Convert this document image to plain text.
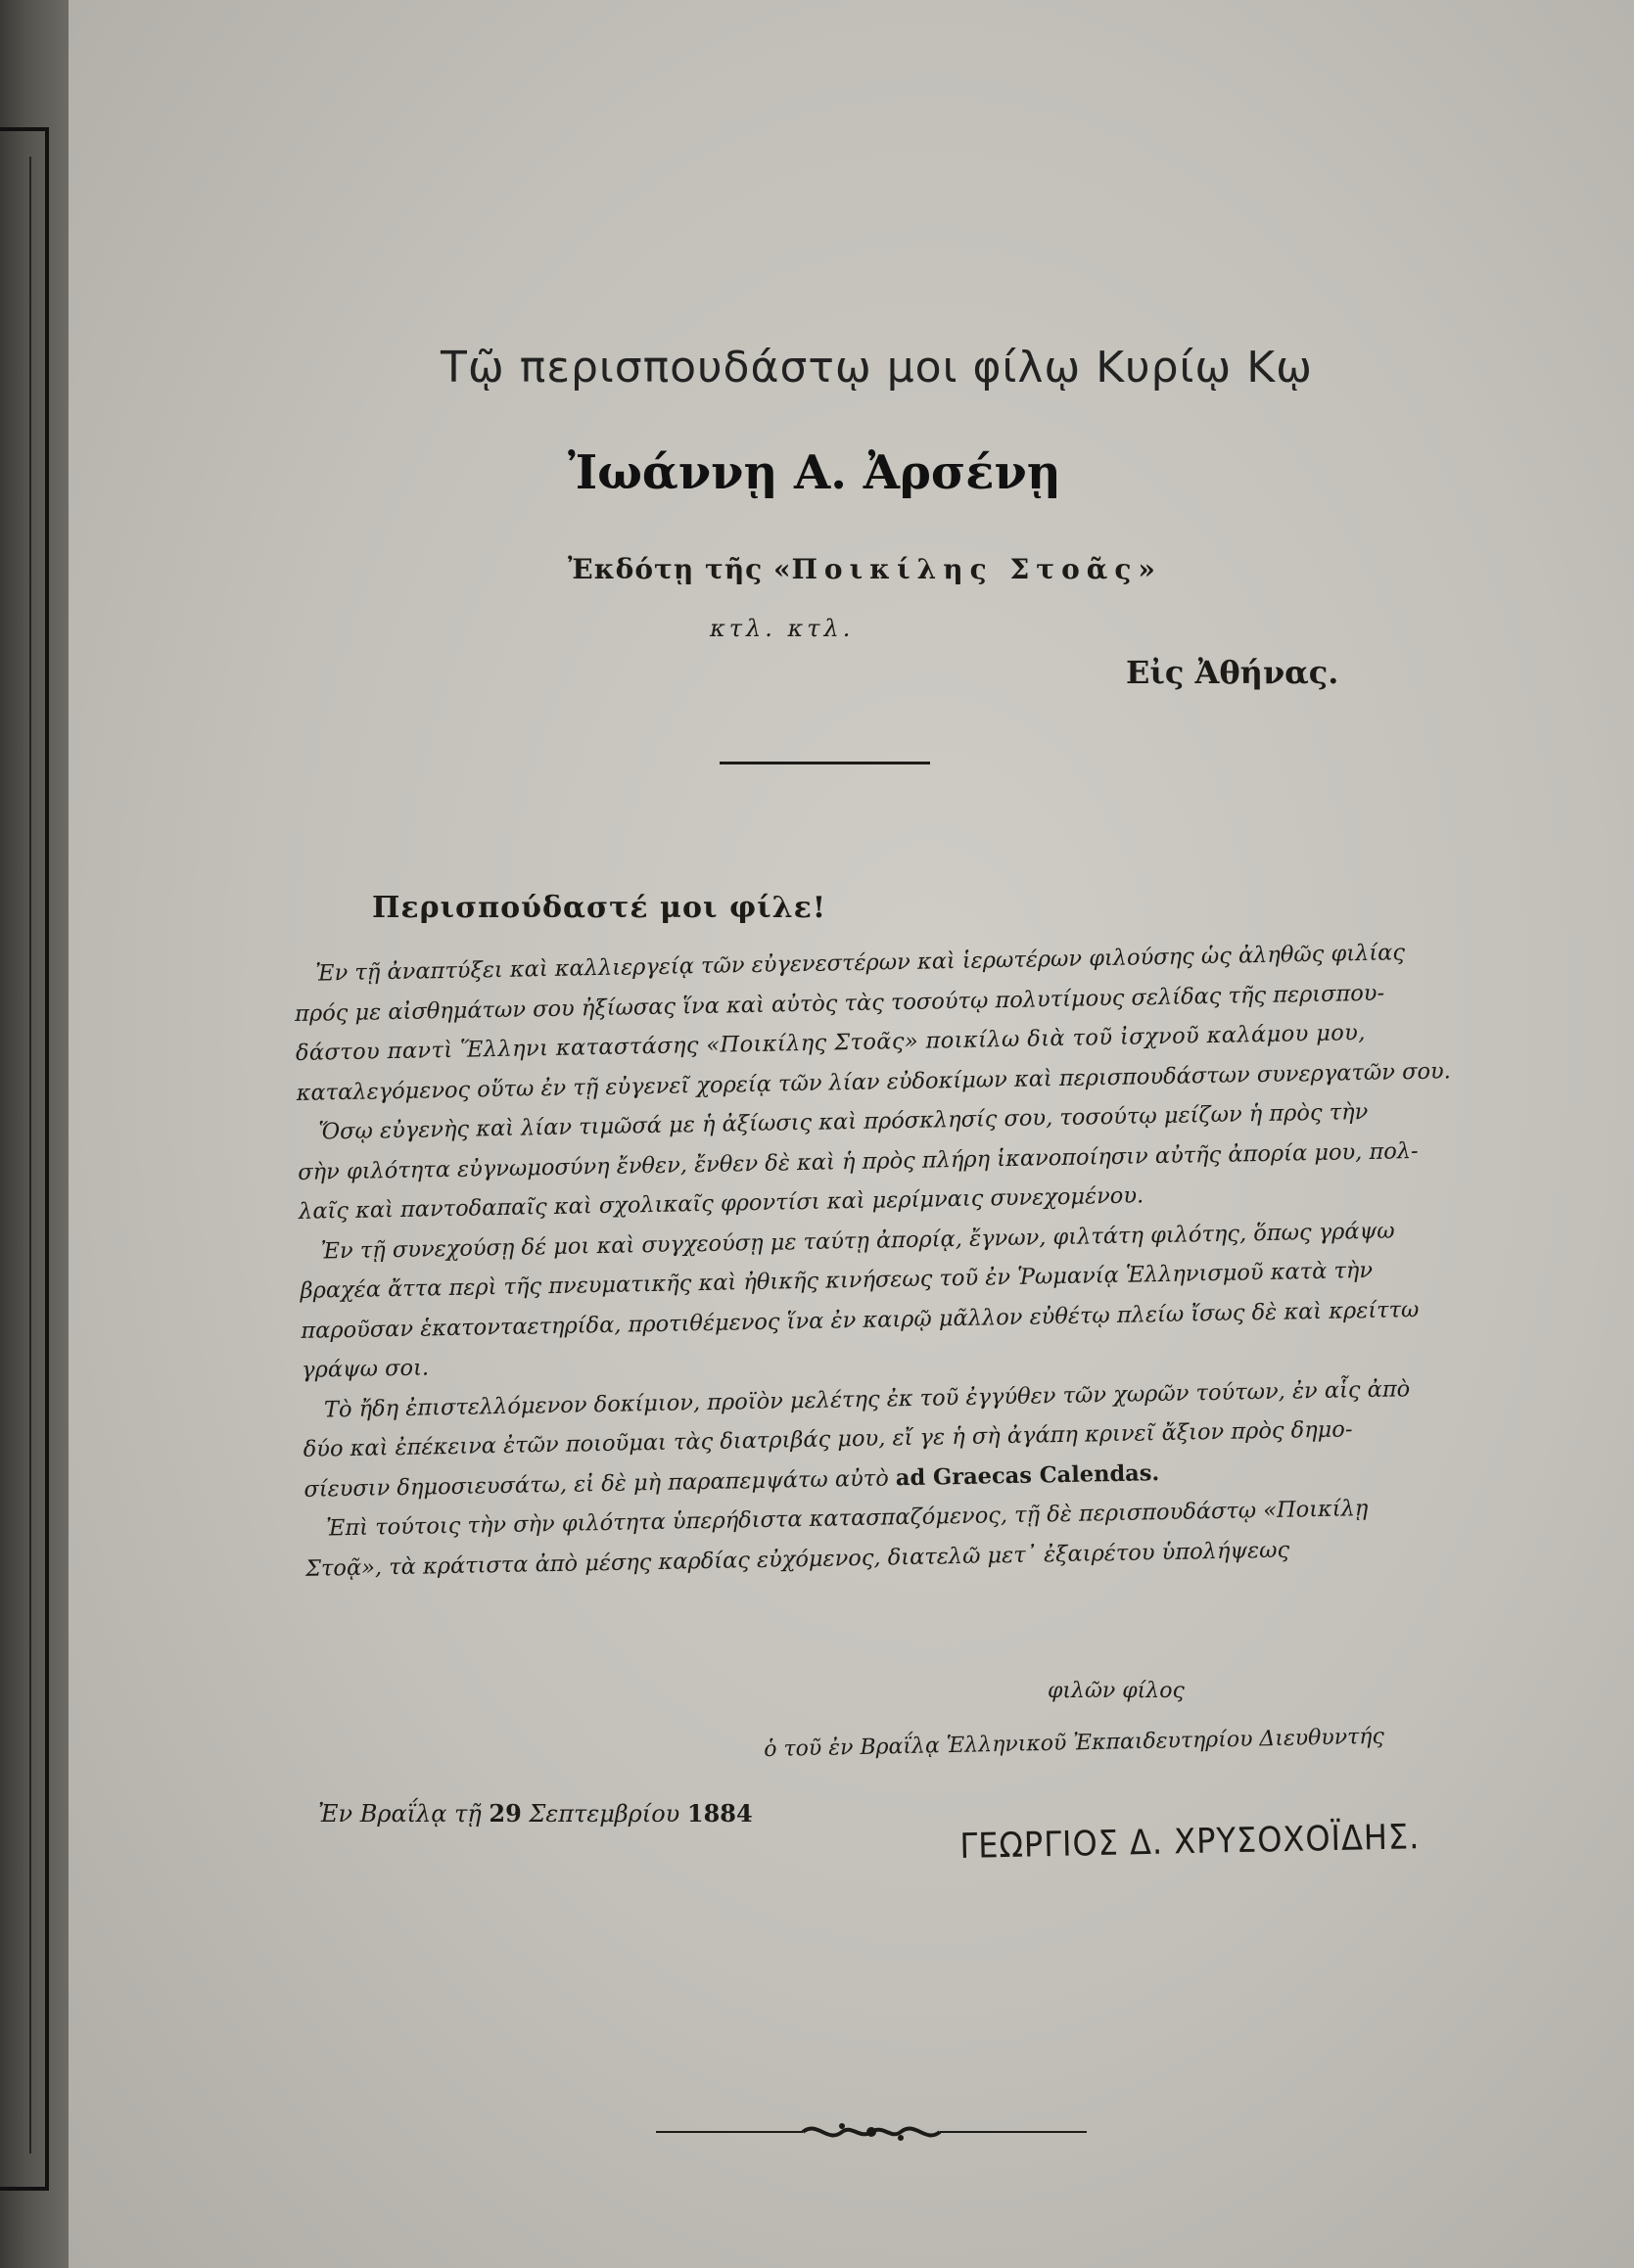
Τῷ περισπουδάστῳ μοι φίλῳ Κυρίῳ Κῳ
Ἰωάννῃ Α. Ἀρσένῃ
Ἐκδότῃ τῆς «Ποικίλης Στοᾶς»
κτλ. κτλ.
Εἰς Ἀθήνας.
Περισπούδαστέ μοι φίλε!
Ἐν τῇ ἀναπτύξει καὶ καλλιεργείᾳ τῶν εὐγενεστέρων καὶ ἱερωτέρων φιλούσης ὡς ἀληθῶς φιλίας
πρός με αἰσθημάτων σου ἠξίωσας ἵνα καὶ αὐτὸς τὰς τοσούτῳ πολυτίμους σελίδας τῆς περισπου-
δάστου παντὶ Ἕλληνι καταστάσης «Ποικίλης Στοᾶς» ποικίλω διὰ τοῦ ἰσχνοῦ καλάμου μου,
καταλεγόμενος οὕτω ἐν τῇ εὐγενεῖ χορείᾳ τῶν λίαν εὐδοκίμων καὶ περισπουδάστων συνεργατῶν σου.
Ὅσῳ εὐγενὴς καὶ λίαν τιμῶσά με ἡ ἀξίωσις καὶ πρόσκλησίς σου, τοσούτῳ μείζων ἡ πρὸς τὴν
σὴν φιλότητα εὐγνωμοσύνη ἔνθεν, ἔνθεν δὲ καὶ ἡ πρὸς πλήρη ἱκανοποίησιν αὐτῆς ἀπορία μου, πολ-
λαῖς καὶ παντοδαπαῖς καὶ σχολικαῖς φροντίσι καὶ μερίμναις συνεχομένου.
Ἐν τῇ συνεχούσῃ δέ μοι καὶ συγχεούσῃ με ταύτῃ ἀπορίᾳ, ἔγνων, φιλτάτη φιλότης, ὅπως γράψω
βραχέα ἄττα περὶ τῆς πνευματικῆς καὶ ἠθικῆς κινήσεως τοῦ ἐν Ῥωμανίᾳ Ἑλληνισμοῦ κατὰ τὴν
παροῦσαν ἑκατονταετηρίδα, προτιθέμενος ἵνα ἐν καιρῷ μᾶλλον εὐθέτῳ πλείω ἴσως δὲ καὶ κρείττω
γράψω σοι.
Τὸ ἤδη ἐπιστελλόμενον δοκίμιον, προϊὸν μελέτης ἐκ τοῦ ἐγγύθεν τῶν χωρῶν τούτων, ἐν αἷς ἀπὸ
δύο καὶ ἐπέκεινα ἐτῶν ποιοῦμαι τὰς διατριβάς μου, εἴ γε ἡ σὴ ἀγάπη κρινεῖ ἄξιον πρὸς δημο-
σίευσιν δημοσιευσάτω, εἰ δὲ μὴ παραπεμψάτω αὐτὸ ad Graecas Calendas.
Ἐπὶ τούτοις τὴν σὴν φιλότητα ὑπερήδιστα κατασπαζόμενος, τῇ δὲ περισπουδάστῳ «Ποικίλῃ
Στοᾷ», τὰ κράτιστα ἀπὸ μέσης καρδίας εὐχόμενος, διατελῶ μετ᾽ ἐξαιρέτου ὑπολήψεως
φιλῶν φίλος
ὁ τοῦ ἐν Βραΐλᾳ Ἑλληνικοῦ Ἐκπαιδευτηρίου Διευθυντής
Ἐν Βραΐλᾳ τῇ 29 Σεπτεμβρίου 1884
ΓΕΩΡΓΙΟΣ Δ. ΧΡΥΣΟΧΟΪΔΗΣ.
